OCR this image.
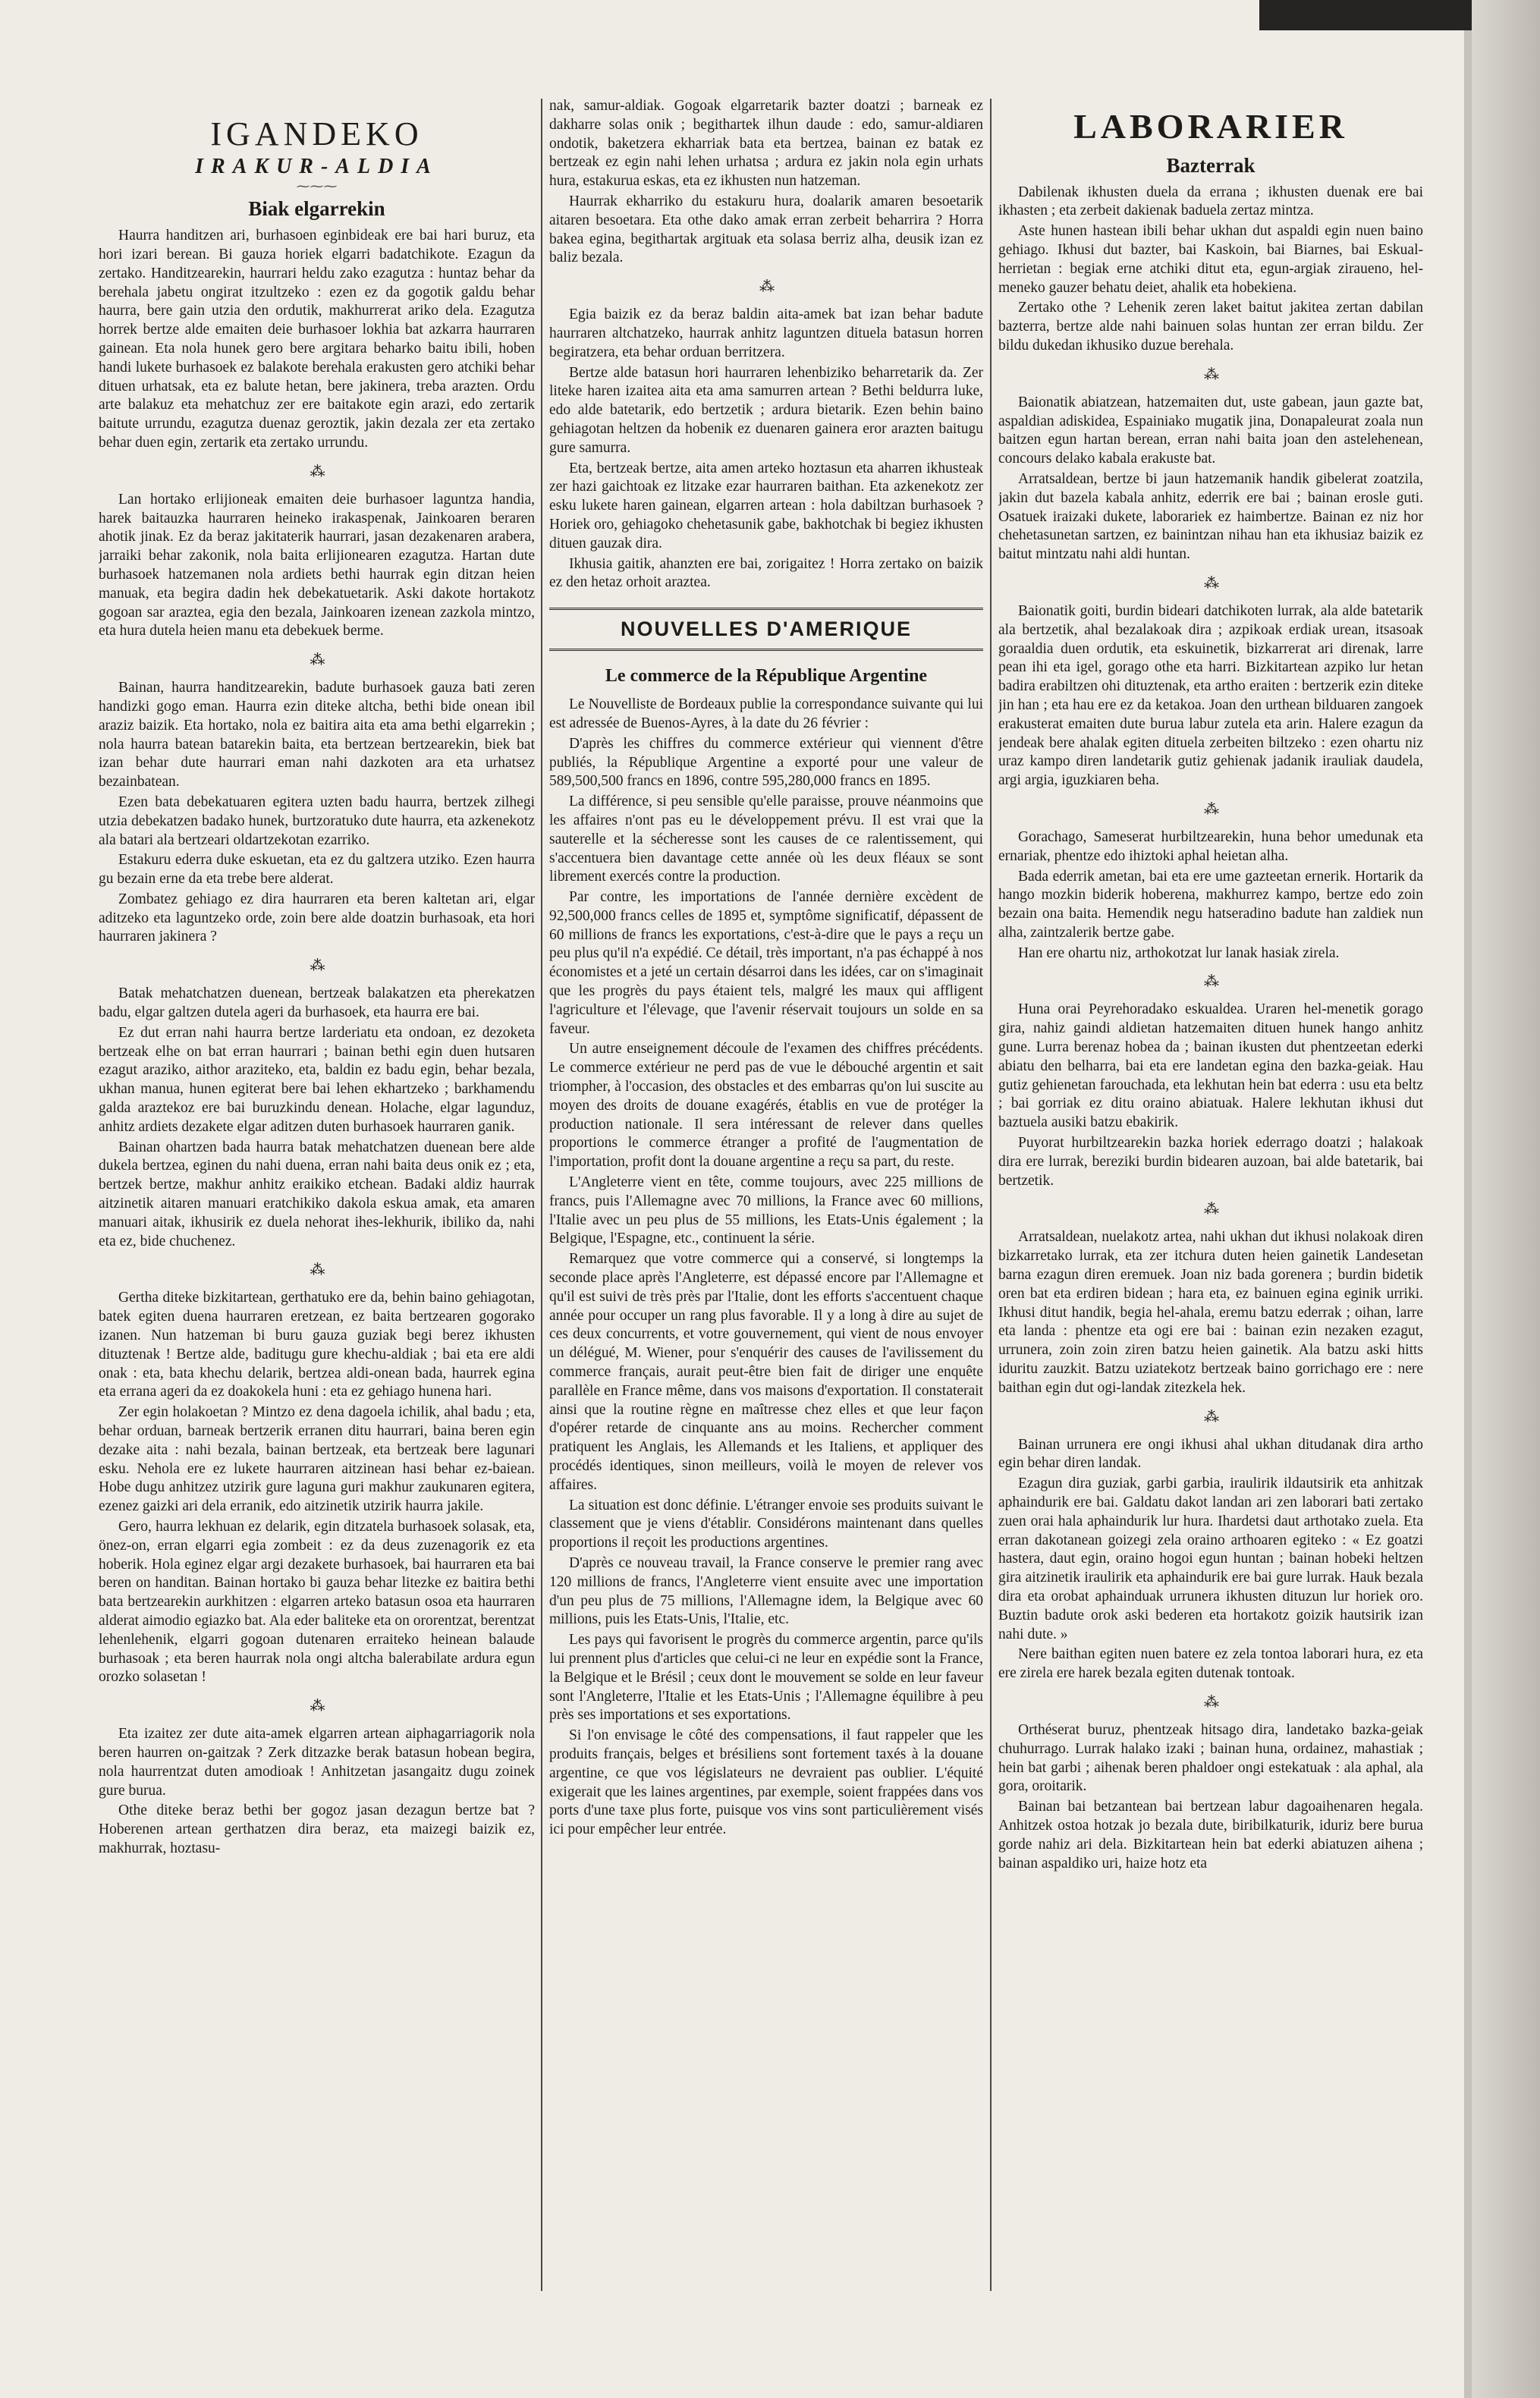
IGANDEKO
IRAKUR-ALDIA
⁓⁓⁓
Biak elgarrekin

Haurra handitzen ari, burhasoen eginbideak ere bai hari buruz, eta hori izari berean. Bi gauza horiek elgarri badatchikote. Ezagun da zertako. Handitzearekin, haurrari heldu zako ezagutza : huntaz behar da berehala jabetu ongirat itzultzeko : ezen ez da gogotik galdu behar haurra, bere gain utzia den ordutik, makhurrerat ariko dela. Ezagutza horrek bertze alde emaiten deie burhasoer lokhia bat azkarra haurraren gainean. Eta nola hunek gero bere argitara beharko baitu ibili, hoben handi lukete burhasoek ez balakote berehala erakusten gero atchiki behar dituen urhatsak, eta ez balute hetan, bere jakinera, treba arazten. Ordu arte balakuz eta mehatchuz zer ere baitakote egin arazi, edo zertarik baitute urrundu, ezagutza duenaz geroztik, jakin dezala zer eta zertako behar duen egin, zertarik eta zertako urrundu.

⁂

Lan hortako erlijioneak emaiten deie burhasoer laguntza handia, harek baitauzka haurraren heineko irakaspenak, Jainkoaren beraren ahotik jinak. Ez da beraz jakitaterik haurrari, jasan dezakenaren arabera, jarraiki behar zakonik, nola baita erlijionearen ezagutza. Hartan dute burhasoek hatzemanen nola ardiets bethi haurrak egin ditzan heien manuak, eta begira dadin hek debekatuetarik. Aski dakote hortakotz gogoan sar araztea, egia den bezala, Jainkoaren izenean zazkola mintzo, eta hura dutela heien manu eta debekuek berme.

⁂

Bainan, haurra handitzearekin, badute burhasoek gauza bati zeren handizki gogo eman. Haurra ezin diteke altcha, bethi bide onean ibil araziz baizik. Eta hortako, nola ez baitira aita eta ama bethi elgarrekin ; nola haurra batean batarekin baita, eta bertzean bertzearekin, biek bat izan behar dute haurrari eman nahi dazkoten ara eta urhatsez bezainbatean.

Ezen bata debekatuaren egitera uzten badu haurra, bertzek zilhegi utzia debekatzen badako hunek, burtzoratuko dute haurra, eta azkenekotz ala batari ala bertzeari oldartzekotan ezarriko.

Estakuru ederra duke eskuetan, eta ez du galtzera utziko. Ezen haurra gu bezain erne da eta trebe bere alderat.

Zombatez gehiago ez dira haurraren eta beren kaltetan ari, elgar aditzeko eta laguntzeko orde, zoin bere alde doatzin burhasoak, eta hori haurraren jakinera ?

⁂

Batak mehatchatzen duenean, bertzeak balakatzen eta pherekatzen badu, elgar galtzen dutela ageri da burhasoek, eta haurra ere bai.

Ez dut erran nahi haurra bertze larderiatu eta ondoan, ez dezoketa bertzeak elhe on bat erran haurrari ; bainan bethi egin duen hutsaren ezagut araziko, aithor araziteko, eta, baldin ez badu egin, behar bezala, ukhan manua, hunen egiterat bere bai lehen ekhartzeko ; barkhamendu galda araztekoz ere bai buruzkindu denean. Holache, elgar lagunduz, anhitz ardiets dezakete elgar aditzen duten burhasoek haurraren ganik.

Bainan ohartzen bada haurra batak mehatchatzen duenean bere alde dukela bertzea, eginen du nahi duena, erran nahi baita deus onik ez ; eta, bertzek bertze, makhur anhitz eraikiko etchean. Badaki aldiz haurrak aitzinetik aitaren manuari eratchikiko dakola eskua amak, eta amaren manuari aitak, ikhusirik ez duela nehorat ihes-lekhurik, ibiliko da, nahi eta ez, bide chuchenez.

⁂

Gertha diteke bizkitartean, gerthatuko ere da, behin baino gehiagotan, batek egiten duena haurraren eretzean, ez baita bertzearen gogorako izanen. Nun hatzeman bi buru gauza guziak begi berez ikhusten dituztenak ! Bertze alde, baditugu gure khechu-aldiak ; bai eta ere aldi onak : eta, bata khechu delarik, bertzea aldi-onean bada, haurrek egina eta errana ageri da ez doakokela huni : eta ez gehiago hunena hari.

Zer egin holakoetan ? Mintzo ez dena dagoela ichilik, ahal badu ; eta, behar orduan, barneak bertzerik erranen ditu haurrari, baina beren egin dezake aita : nahi bezala, bainan bertzeak, eta bertzeak bere lagunari esku. Nehola ere ez lukete haurraren aitzinean hasi behar ez-baiean. Hobe dugu anhitzez utzirik gure laguna guri makhur zaukunaren egitera, ezenez gaizki ari dela erranik, edo aitzinetik utzirik haurra jakile.

Gero, haurra lekhuan ez delarik, egin ditzatela burhasoek solasak, eta, önez-on, erran elgarri egia zombeit : ez da deus zuzenagorik ez eta hoberik. Hola eginez elgar argi dezakete burhasoek, bai haurraren eta bai beren on handitan. Bainan hortako bi gauza behar litezke ez baitira bethi bata bertzearekin aurkhitzen : elgarren arteko batasun osoa eta haurraren alderat aimodio egiazko bat. Ala eder baliteke eta on ororentzat, berentzat lehenlehenik, elgarri gogoan dutenaren erraiteko heinean balaude burhasoak ; eta beren haurrak nola ongi altcha balerabilate ardura egun orozko solasetan !

⁂

Eta izaitez zer dute aita-amek elgarren artean aiphagarriagorik nola beren haurren on-gaitzak ? Zerk ditzazke berak batasun hobean begira, nola haurrentzat duten amodioak ! Anhitzetan jasangaitz dugu zoinek gure burua.

Othe ditekе beraz bethi ber gogoz jasan dezagun bertze bat ? Hoberenen artean gerthatzen dira beraz, eta maizegi baizik ez, makhurrak, hoztasu-

nak, samur-aldiak. Gogoak elgarretarik bazter doatzi ; barneak ez dakharre solas onik ; begithartek ilhun daude : edo, samur-aldiaren ondotik, baketzera ekharriak bata eta bertzea, bainan ez batak ez bertzeak ez egin nahi lehen urhatsa ; ardura ez jakin nola egin urhats hura, estakurua eskas, eta ez ikhusten nun hatzeman.

Haurrak ekharriko du estakuru hura, doalarik amaren besoetarik aitaren besoetara. Eta othe dako amak erran zerbeit beharrira ? Horra bakea egina, begithartak argituak eta solasa berriz alha, deusik izan ez baliz bezala.

⁂

Egia baizik ez da beraz baldin aita-amek bat izan behar badute haurraren altchatzeko, haurrak anhitz laguntzen dituela batasun horren begiratzera, eta behar orduan berritzera.

Bertze alde batasun hori haurraren lehenbiziko beharretarik da. Zer liteke haren izaitea aita eta ama samurren artean ? Bethi beldurra luke, edo alde batetarik, edo bertzetik ; ardura bietarik. Ezen behin baino gehiagotan heltzen da hobenik ez duenaren gainera eror arazten baitugu gure samurra.

Eta, bertzeak bertze, aita amen arteko hoztasun eta aharren ikhusteak zer hazi gaichtoak ez litzake ezar haurraren baithan. Eta azkenekotz zer esku lukete haren gainean, elgarren artean : hola dabiltzan burhasoek ? Horiek oro, gehiagoko chehetasunik gabe, bakhotchak bi begiez ikhusten dituen gauzak dira.

Ikhusia gaitik, ahanzten ere bai, zorigaitez ! Horra zertako on baizik ez den hetaz orhoit araztea.

NOUVELLES D'AMERIQUE
Le commerce de la République Argentine

Le Nouvelliste de Bordeaux publie la correspondance suivante qui lui est adressée de Buenos-Ayres, à la date du 26 février :

D'après les chiffres du commerce extérieur qui viennent d'être publiés, la République Argentine a exporté pour une valeur de 589,500,500 francs en 1896, contre 595,280,000 francs en 1895.

La différence, si peu sensible qu'elle paraisse, prouve néanmoins que les affaires n'ont pas eu le développement prévu. Il est vrai que la sauterelle et la sécheresse sont les causes de ce ralentissement, qui s'accentuera bien davantage cette année où les deux fléaux se sont librement exercés contre la production.

Par contre, les importations de l'année dernière excèdent de 92,500,000 francs celles de 1895 et, symptôme significatif, dépassent de 60 millions de francs les exportations, c'est-à-dire que le pays a reçu un peu plus qu'il n'a expédié. Ce détail, très important, n'a pas échappé à nos économistes et a jeté un certain désarroi dans les idées, car on s'imaginait que les progrès du pays étaient tels, malgré les maux qui affligent l'agriculture et l'élevage, que l'avenir réservait toujours un solde en sa faveur.

Un autre enseignement découle de l'examen des chiffres précédents. Le commerce extérieur ne perd pas de vue le débouché argentin et sait triompher, à l'occasion, des obstacles et des embarras qu'on lui suscite au moyen des droits de douane exagérés, établis en vue de protéger la production nationale. Il sera intéressant de relever dans quelles proportions le commerce étranger a profité de l'augmentation de l'importation, profit dont la douane argentine a reçu sa part, du reste.

L'Angleterre vient en tête, comme toujours, avec 225 millions de francs, puis l'Allemagne avec 70 millions, la France avec 60 millions, l'Italie avec un peu plus de 55 millions, les Etats-Unis également ; la Belgique, l'Espagne, etc., continuent la série.

Remarquez que votre commerce qui a conservé, si longtemps la seconde place après l'Angleterre, est dépassé encore par l'Allemagne et qu'il est suivi de très près par l'Italie, dont les efforts s'accentuent chaque année pour occuper un rang plus favorable. Il y a long à dire au sujet de ces deux concurrents, et votre gouvernement, qui vient de nous envoyer un délégué, M. Wiener, pour s'enquérir des causes de l'avilissement du commerce français, aurait peut-être bien fait de diriger une enquête parallèle en France même, dans vos maisons d'exportation. Il constaterait ainsi que la routine règne en maîtresse chez elles et que leur façon d'opérer retarde de cinquante ans au moins. Rechercher comment pratiquent les Anglais, les Allemands et les Italiens, et appliquer des procédés identiques, sinon meilleurs, voilà le moyen de relever vos affaires.

La situation est donc définie. L'étranger envoie ses produits suivant le classement que je viens d'établir. Considérons maintenant dans quelles proportions il reçoit les productions argentines.

D'après ce nouveau travail, la France conserve le premier rang avec 120 millions de francs, l'Angleterre vient ensuite avec une importation d'un peu plus de 75 millions, l'Allemagne idem, la Belgique avec 60 millions, puis les Etats-Unis, l'Italie, etc.

Les pays qui favorisent le progrès du commerce argentin, parce qu'ils lui prennent plus d'articles que celui-ci ne leur en expédie sont la France, la Belgique et le Brésil ; ceux dont le mouvement se solde en leur faveur sont l'Angleterre, l'Italie et les Etats-Unis ; l'Allemagne équilibre à peu près ses importations et ses exportations.

Si l'on envisage le côté des compensations, il faut rappeler que les produits français, belges et brésiliens sont fortement taxés à la douane argentine, ce que vos législateurs ne devraient pas oublier. L'équité exigerait que les laines argentines, par exemple, soient frappées dans vos ports d'une taxe plus forte, puisque vos vins sont particulièrement visés ici pour empêcher leur entrée.

LABORARIER
Bazterrak

Dabilenak ikhusten duela da errana ; ikhusten duenak ere bai ikhasten ; eta zerbeit dakienak baduela zertaz mintza.

Aste hunen hastean ibili behar ukhan dut aspaldi egin nuen baino gehiago. Ikhusi dut bazter, bai Kaskoin, bai Biarnes, bai Eskual-herrietan : begiak erne atchiki ditut eta, egun-argiak ziraueno, hel-meneko gauzer behatu deiet, ahalik eta hobekiena.

Zertako othe ? Lehenik zeren laket baitut jakitea zertan dabilan bazterra, bertze alde nahi bainuen solas huntan zer erran bildu. Zer bildu dukedan ikhusiko duzue berehala.

⁂

Baionatik abiatzean, hatzemaiten dut, uste gabean, jaun gazte bat, aspaldian adiskidea, Espainiako mugatik jina, Donapaleurat zoala nun baitzen egun hartan berean, erran nahi baita joan den astelehenean, concours delako kabala erakuste bat.

Arratsaldean, bertze bi jaun hatzemanik handik gibelerat zoatzila, jakin dut bazela kabala anhitz, ederrik ere bai ; bainan erosle guti. Osatuek iraizaki dukete, laborariek ez haimbertze. Bainan ez niz hor chehetasunetan sartzen, ez bainintzan nihau han eta ikhusiaz baizik ez baitut mintzatu nahi aldi huntan.

⁂

Baionatik goiti, burdin bideari datchikoten lurrak, ala alde batetarik ala bertzetik, ahal bezalakoak dira ; azpikoak erdiak urean, itsasoak goraaldia duen ordutik, eta eskuinetik, bizkarrerat ari direnak, larre pean ihi eta igel, gorago othe eta harri. Bizkitartean azpiko lur hetan badira erabiltzen ohi dituztenak, eta artho eraiten : bertzerik ezin diteke jin han ; eta hau ere ez da ketakoa. Joan den urthean bilduaren zangoek erakusterat emaiten dute burua labur zutela eta arin. Halere ezagun da jendeak bere ahalak egiten dituela zerbeiten biltzeko : ezen ohartu niz uraz kampo diren landetarik gutiz gehienak jadanik irauliak daudela, argi argia, iguzkiaren beha.

⁂

Gorachago, Sameserat hurbiltzearekin, huna behor umedunak eta ernariak, phentze edo ihiztoki aphal heietan alha.

Bada ederrik ametan, bai eta ere ume gazteetan ernerik. Hortarik da hango mozkin biderik hoberena, makhurrez kampo, bertze edo zoin bezain ona baita. Hemendik negu hatseradino badute han zaldiek nun alha, zaintzalerik bertze gabe.

Han ere ohartu niz, arthokotzat lur lanak hasiak zirela.

⁂

Huna orai Peyrehoradako eskualdea. Uraren hel-menetik gorago gira, nahiz gaindi aldietan hatzemaiten dituen hunek hango anhitz gune. Lurra berenaz hobea da ; bainan ikusten dut phentzeetan ederki abiatu den belharra, bai eta ere landetan egina den bazka-geiak. Hau gutiz gehienetan farouchadа, eta lekhutan hein bat ederra : usu eta beltz ; bai gorriak ez ditu oraino abiatuak. Halere lekhutan ikhusi dut baztuela ausiki batzu ebakirik.

Puyorat hurbiltzearekin bazka horiek ederrago doatzi ; halakoak dira ere lurrak, bereziki burdin bidearen auzoan, bai alde batetarik, bai bertzetik.

⁂

Arratsaldean, nuelakotz artea, nahi ukhan dut ikhusi nolakoak diren bizkarretako lurrak, eta zer itchura duten heien gainetik Landesetan barna ezagun diren eremuek. Joan niz bada gorenera ; burdin bidetik oren bat eta erdiren bidean ; hara eta, ez bainuen egina eginik urriki. Ikhusi ditut handik, begia hel-ahala, eremu batzu ederrak ; oihan, larre eta landa : phentze eta ogi ere bai : bainan ezin nezaken ezagut, urrunera, zoin zoin ziren batzu heien gainetik. Ala batzu aski hitts iduritu zauzkit. Batzu uziatekotz bertzeak baino gorrichago ere : nere baithan egin dut ogi-landak zitezkela hek.

⁂

Bainan urrunera ere ongi ikhusi ahal ukhan ditudanak dira artho egin behar diren landak.

Ezagun dira guziak, garbi garbia, iraulirik ildautsirik eta anhitzak aphaindurik ere bai. Galdatu dakot landan ari zen laborari bati zertako zuen orai hala aphaindurik lur hura. Ihardetsi daut arthotako zuela. Eta erran dakotanean goizegi zela oraino arthoaren egiteko : « Ez goatzi hastera, daut egin, oraino hogoi egun huntan ; bainan hobeki heltzen gira aitzinetik iraulirik eta aphaindurik ere bai gure lurrak. Hauk bezala dira eta orobat aphainduak urrunera ikhusten dituzun lur horiek oro. Buztin badute orok aski bederen eta hortakotz goizik hautsirik izan nahi dute. »

Nere baithan egiten nuen batere ez zela tontoa laborari hura, ez eta ere zirela ere harek bezala egiten dutenak tontoak.

⁂

Orthéserat buruz, phentzeak hitsago dira, landetako bazka-geiak chuhurrago. Lurrak halako izaki ; bainan huna, ordainez, mahastiak ; hein bat garbi ; aihenak beren phaldoer ongi estekatuak : ala aphal, ala gora, oroitarik.

Bainan bai betzantean bai bertzean labur dagoaihenaren hegala. Anhitzek ostoa hotzak jo bezala dute, biribilkaturik, iduriz bere burua gorde nahiz ari dela. Bizkitartean hein bat ederki abiatuzen aihena ; bainan aspaldiko uri, haize hotz eta
